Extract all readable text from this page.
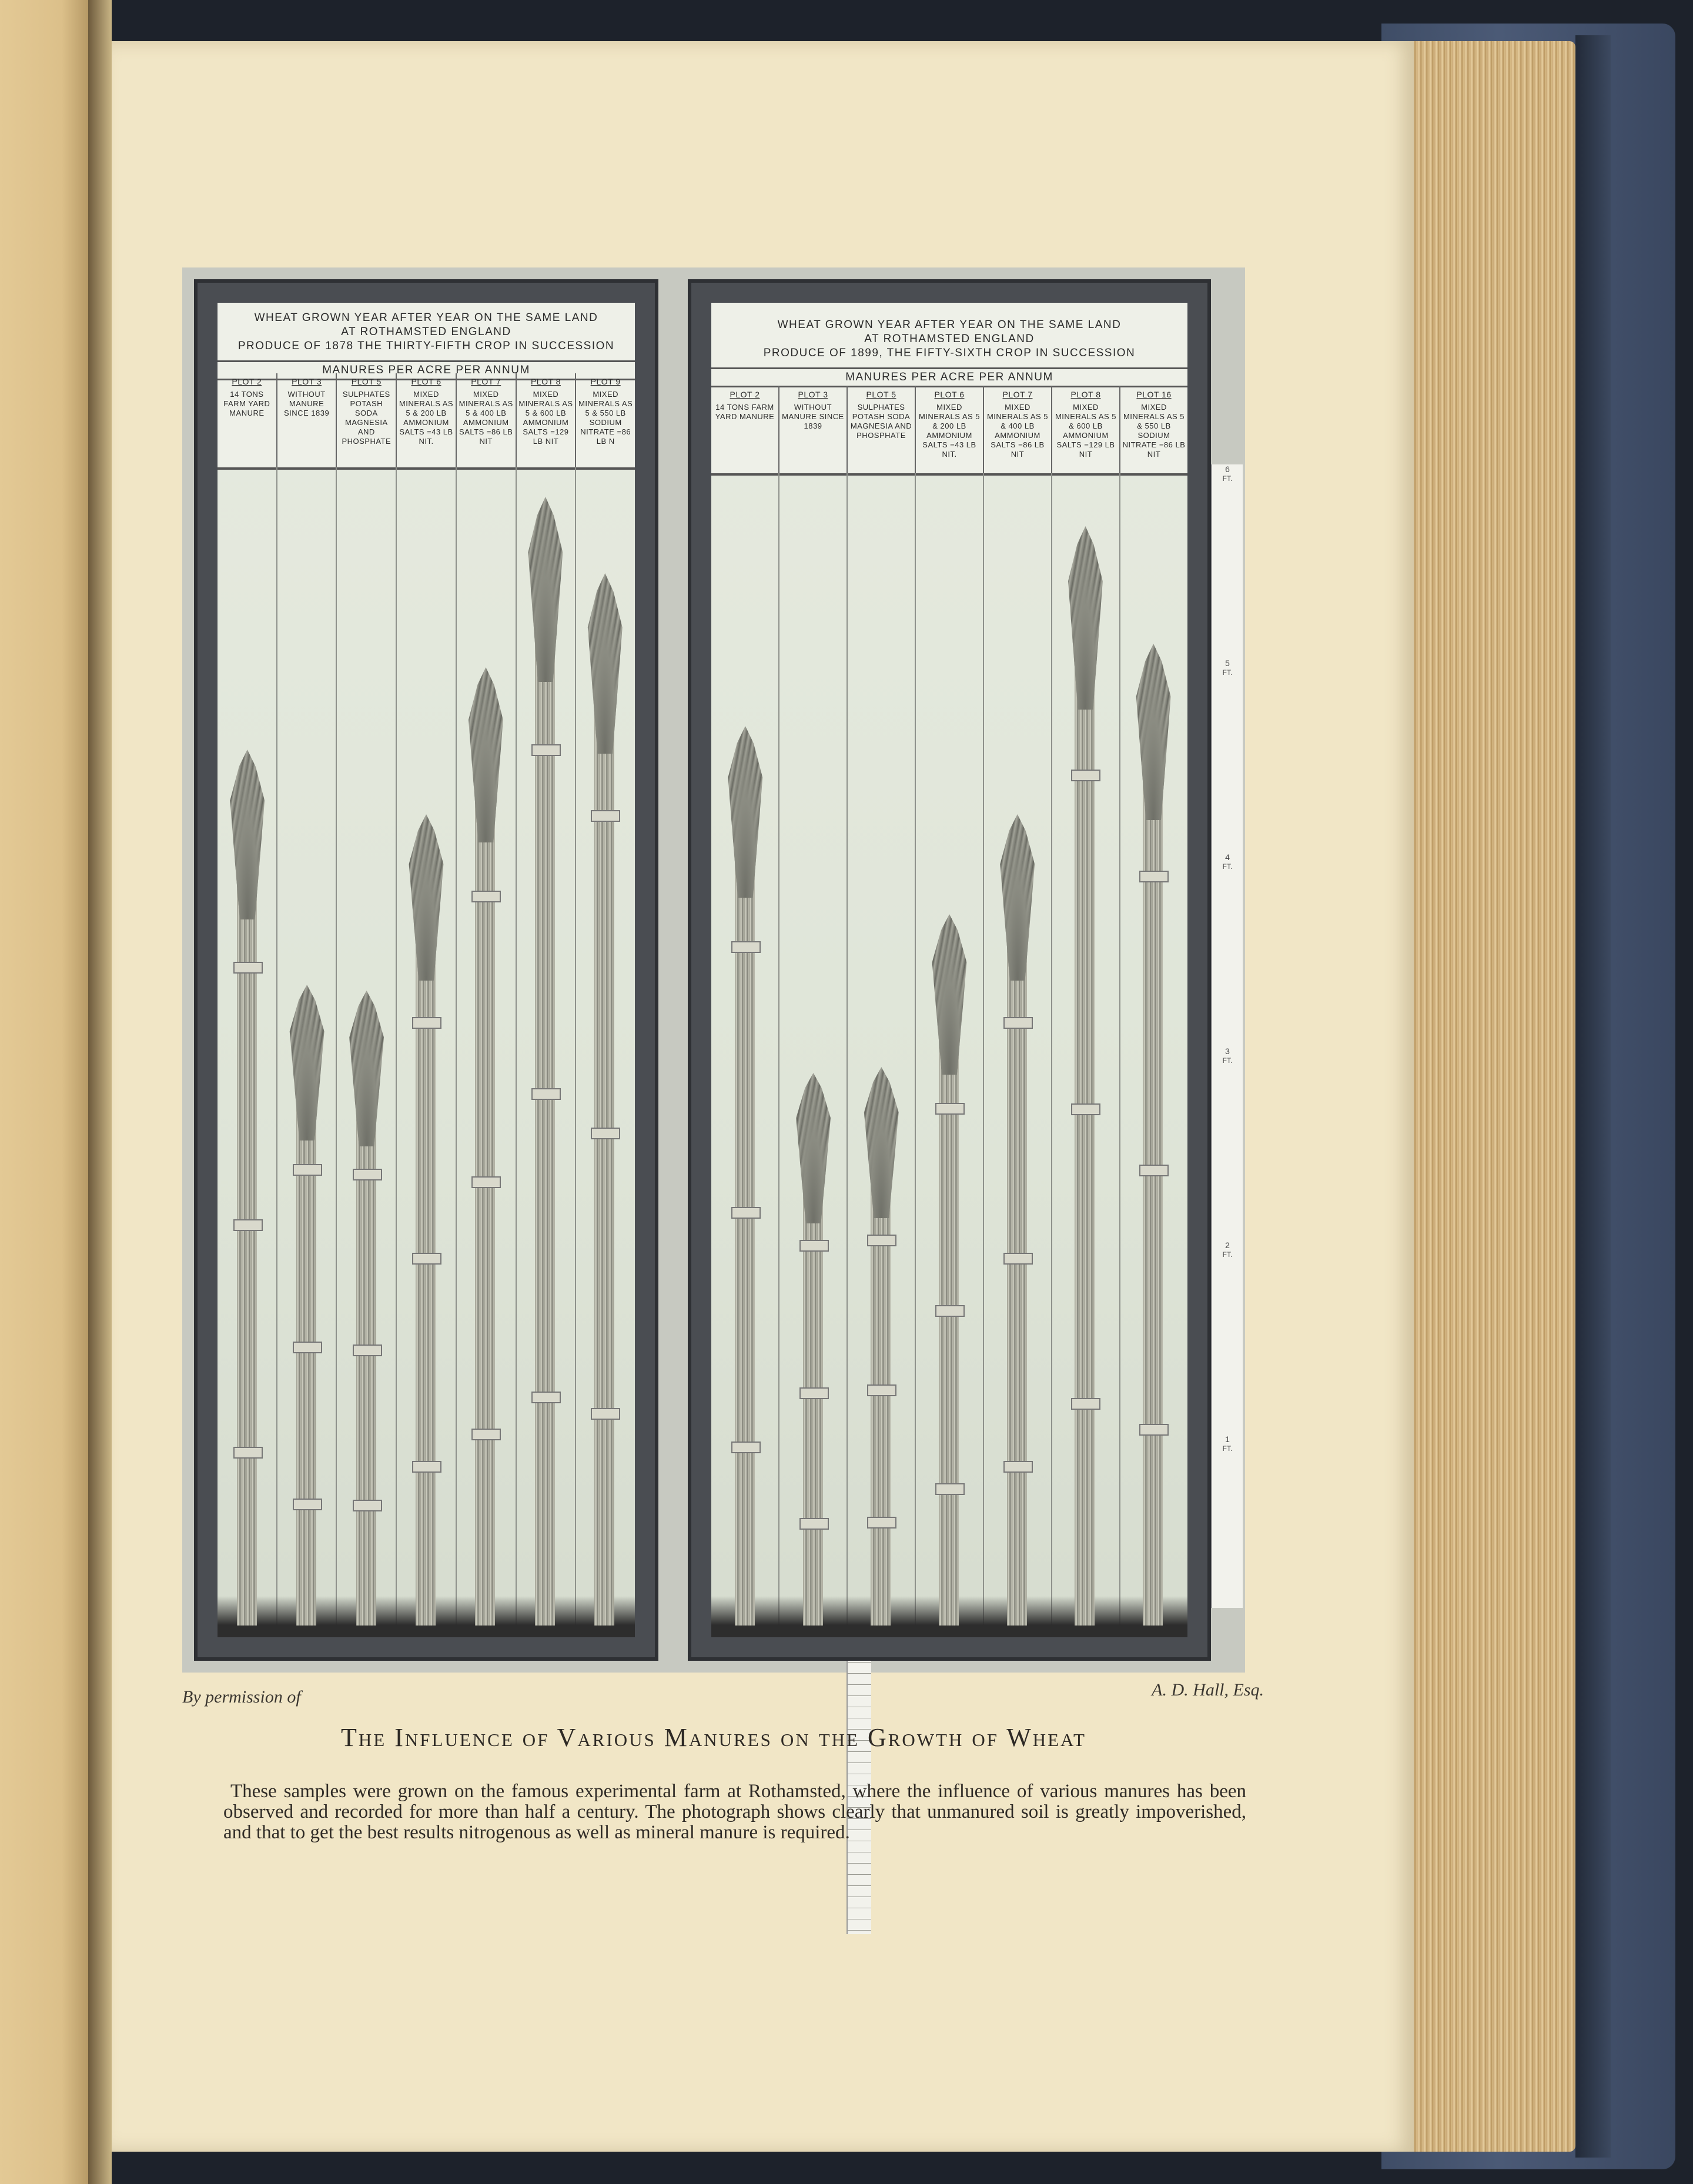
WHEAT GROWN YEAR AFTER YEAR ON THE SAME LAND
AT ROTHAMSTED ENGLAND
PRODUCE OF 1878 THE THIRTY-FIFTH CROP IN SUCCESSION
MANURES PER ACRE PER ANNUM
PLOT 2
14 TONS FARM YARD MANURE
PLOT 3
WITHOUT MANURE SINCE 1839
PLOT 5
SULPHATES POTASH SODA MAGNESIA AND PHOSPHATE
PLOT 6
MIXED MINERALS AS 5 & 200 LB AMMONIUM SALTS =43 LB NIT.
PLOT 7
MIXED MINERALS AS 5 & 400 LB AMMONIUM SALTS =86 LB NIT
PLOT 8
MIXED MINERALS AS 5 & 600 LB AMMONIUM SALTS =129 LB NIT
PLOT 9
MIXED MINERALS AS 5 & 550 LB SODIUM NITRATE =86 LB N
WHEAT GROWN YEAR AFTER YEAR ON THE SAME LAND
AT ROTHAMSTED ENGLAND
PRODUCE OF 1899, THE FIFTY-SIXTH CROP IN SUCCESSION
MANURES PER ACRE PER ANNUM
PLOT 2
14 TONS FARM YARD MANURE
PLOT 3
WITHOUT MANURE SINCE 1839
PLOT 5
SULPHATES POTASH SODA MAGNESIA AND PHOSPHATE
PLOT 6
MIXED MINERALS AS 5 & 200 LB AMMONIUM SALTS =43 LB NIT.
PLOT 7
MIXED MINERALS AS 5 & 400 LB AMMONIUM SALTS =86 LB NIT
PLOT 8
MIXED MINERALS AS 5 & 600 LB AMMONIUM SALTS =129 LB NIT
PLOT 16
MIXED MINERALS AS 5 & 550 LB SODIUM NITRATE =86 LB NIT
6
FT.
5
FT.
4
FT.
3
FT.
2
FT.
1
FT.
By permission of	A. D. Hall, Esq.
The Influence of Various Manures on the Growth of Wheat
These samples were grown on the famous experimental farm at Rothamsted, where the influence of various manures has been observed and recorded for more than half a century. The photograph shows clearly that unmanured soil is greatly impoverished, and that to get the best results nitrogenous as well as mineral manure is required.
